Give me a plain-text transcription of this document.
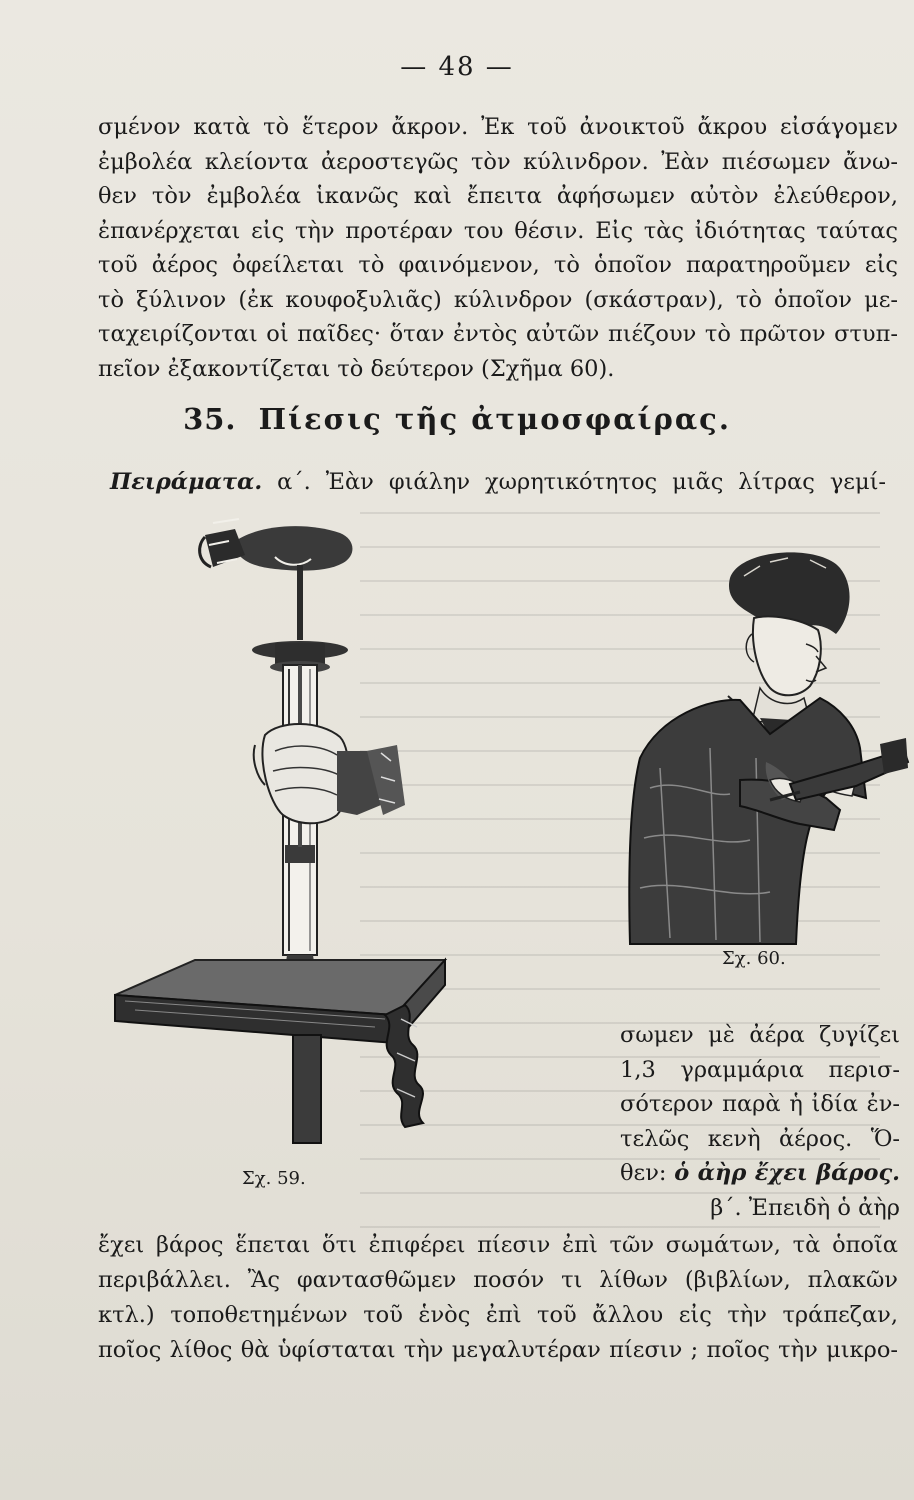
— 48 —
σμένον κατὰ τὸ ἕτερον ἄκρον. Ἐκ τοῦ ἀνοικτοῦ ἄκρου εἰσάγομεν
ἐμβολέα κλείοντα ἀεροστεγῶς τὸν κύλινδρον. Ἐὰν πιέσωμεν ἄνω-
θεν τὸν ἐμβολέα ἱκανῶς καὶ ἔπειτα ἀφήσωμεν αὐτὸν ἐλεύθερον,
ἐπανέρχεται εἰς τὴν προτέραν του θέσιν. Εἰς τὰς ἰδιότητας ταύτας
τοῦ ἀέρος ὀφείλεται τὸ φαινόμενον, τὸ ὁποῖον παρατηροῦμεν εἰς
τὸ ξύλινον (ἐκ κουφοξυλιᾶς) κύλινδρον (σκάστραν), τὸ ὁποῖον με-
ταχειρίζονται οἱ παῖδες· ὅταν ἐντὸς αὐτῶν πιέζουν τὸ πρῶτον στυπ-
πεῖον ἐξακοντίζεται τὸ δεύτερον (Σχῆμα 60).
35. Πίεσις τῆς ἀτμοσφαίρας.
Πειράματα. α΄. Ἐὰν φιάλην χωρητικότητος μιᾶς λίτρας γεμί-
Σχ. 59.
Σχ. 60.
σωμεν μὲ ἀέρα ζυγίζει
1,3 γραμμάρια περισ-
σότερον παρὰ ἡ ἰδία ἐν-
τελῶς κενὴ ἀέρος. Ὅ-
θεν: ὁ ἀὴρ ἔχει βάρος.
β΄. Ἐπειδὴ ὁ ἀὴρ
ἔχει βάρος ἕπεται ὅτι ἐπιφέρει πίεσιν ἐπὶ τῶν σωμάτων, τὰ ὁποῖα
περιβάλλει. Ἂς φαντασθῶμεν ποσόν τι λίθων (βιβλίων, πλακῶν
κτλ.) τοποθετημένων τοῦ ἑνὸς ἐπὶ τοῦ ἄλλου εἰς τὴν τράπεζαν,
ποῖος λίθος θὰ ὑφίσταται τὴν μεγαλυτέραν πίεσιν ; ποῖος τὴν μικρο-
